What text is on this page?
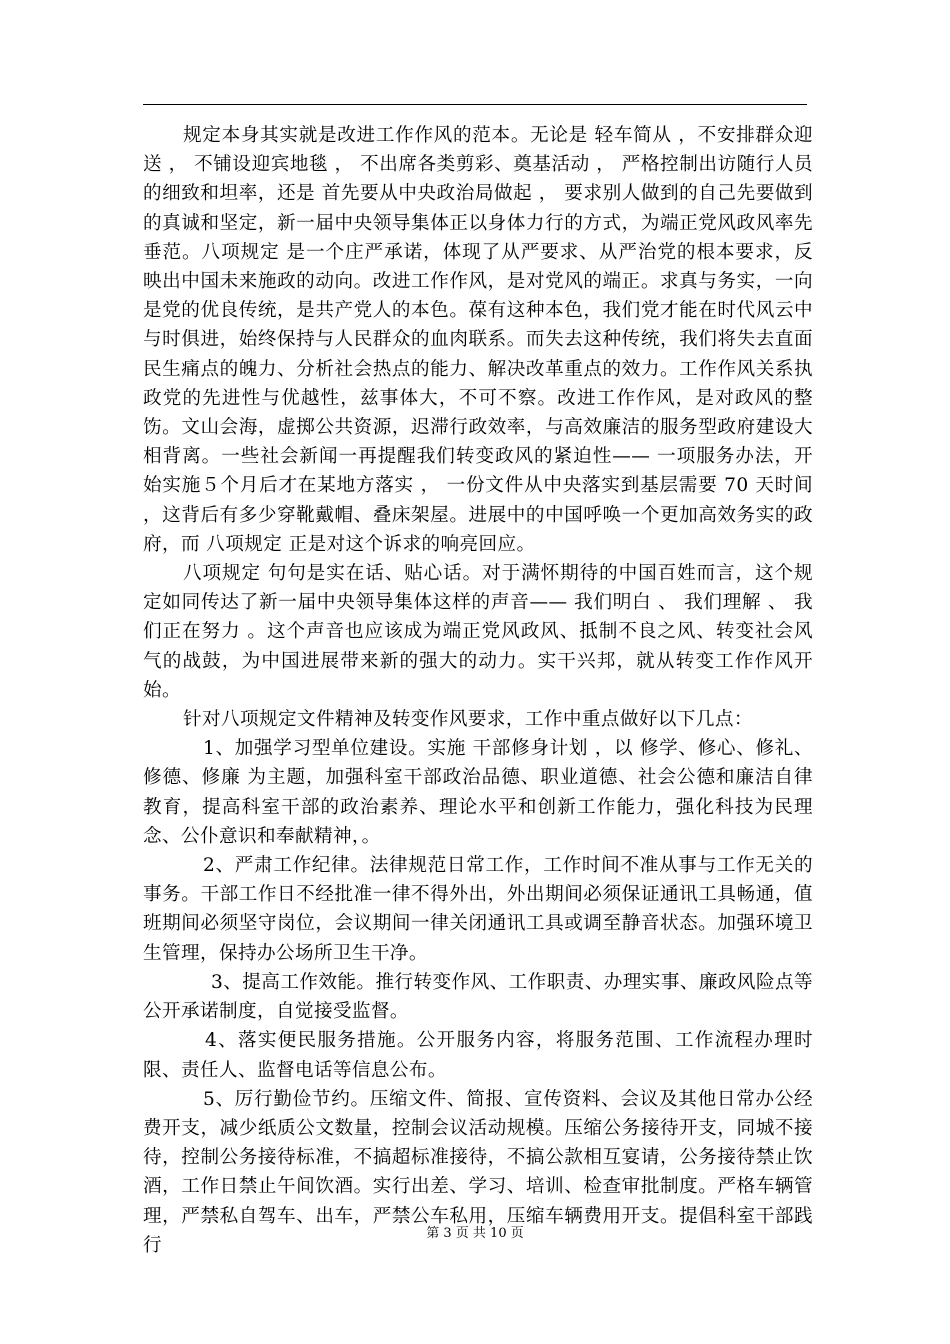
规定本身其实就是改进工作作风的范本。无论是 轻车简从 ，不安排群众迎送 ， 不铺设迎宾地毯 ， 不出席各类剪彩、奠基活动 ， 严格控制出访随行人员 的细致和坦率，还是 首先要从中央政治局做起 ， 要求别人做到的自己先要做到 的真诚和坚定，新一届中央领导集体正以身体力行的方式，为端正党风政风率先垂范。八项规定 是一个庄严承诺，体现了从严要求、从严治党的根本要求，反映出中国未来施政的动向。改进工作作风，是对党风的端正。求真与务实，一向是党的优良传统，是共产党人的本色。葆有这种本色，我们党才能在时代风云中与时俱进，始终保持与人民群众的血肉联系。而失去这种传统，我们将失去直面民生痛点的魄力、分析社会热点的能力、解决改革重点的效力。工作作风关系执政党的先进性与优越性，兹事体大，不可不察。改进工作作风，是对政风的整饬。文山会海，虚掷公共资源，迟滞行政效率，与高效廉洁的服务型政府建设大相背离。一些社会新闻一再提醒我们转变政风的紧迫性—— 一项服务办法，开始实施５个月后才在某地方落实 ， 一份文件从中央落实到基层需要 70 天时间 ，这背后有多少穿靴戴帽、叠床架屋。进展中的中国呼唤一个更加高效务实的政府，而 八项规定 正是对这个诉求的响亮回应。

八项规定 句句是实在话、贴心话。对于满怀期待的中国百姓而言，这个规定如同传达了新一届中央领导集体这样的声音—— 我们明白 、 我们理解 、 我们正在努力 。这个声音也应该成为端正党风政风、抵制不良之风、转变社会风气的战鼓，为中国进展带来新的强大的动力。实干兴邦，就从转变工作作风开始。

针对八项规定文件精神及转变作风要求，工作中重点做好以下几点：

1、加强学习型单位建设。实施 干部修身计划 ，以 修学、修心、修礼、修德、修廉 为主题，加强科室干部政治品德、职业道德、社会公德和廉洁自律教育，提高科室干部的政治素养、理论水平和创新工作能力，强化科技为民理念、公仆意识和奉献精神，。

2、严肃工作纪律。法律规范日常工作，工作时间不准从事与工作无关的事务。干部工作日不经批准一律不得外出，外出期间必须保证通讯工具畅通，值班期间必须坚守岗位，会议期间一律关闭通讯工具或调至静音状态。加强环境卫生管理，保持办公场所卫生干净。

3、提高工作效能。推行转变作风、工作职责、办理实事、廉政风险点等公开承诺制度，自觉接受监督。

4、落实便民服务措施。公开服务内容，将服务范围、工作流程办理时限、责任人、监督电话等信息公布。

5、厉行勤俭节约。压缩文件、简报、宣传资料、会议及其他日常办公经费开支，减少纸质公文数量，控制会议活动规模。压缩公务接待开支，同城不接待，控制公务接待标准，不搞超标准接待，不搞公款相互宴请，公务接待禁止饮酒，工作日禁止午间饮酒。实行出差、学习、培训、检查审批制度。严格车辆管理，严禁私自驾车、出车，严禁公车私用，压缩车辆费用开支。提倡科室干部践行

第 3 页 共 10 页
